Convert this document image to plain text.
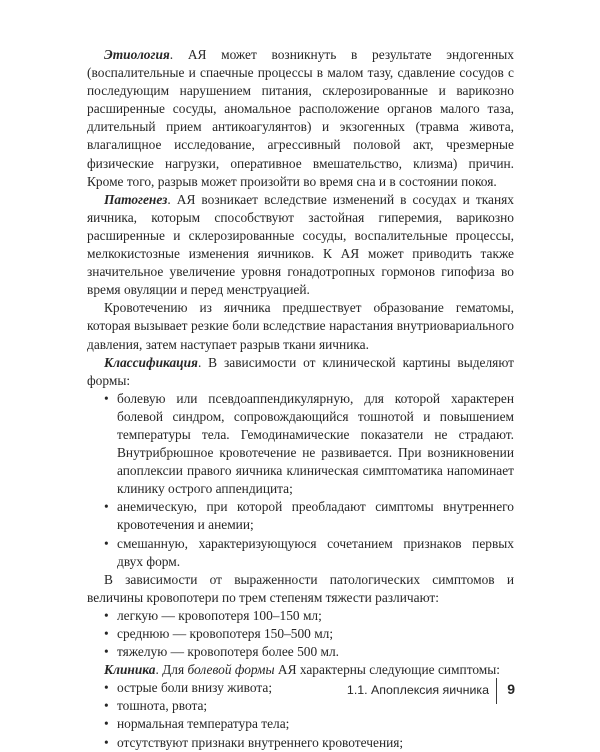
Этиология. АЯ может возникнуть в результате эндогенных (воспалительные и спаечные процессы в малом тазу, сдавление сосудов с последующим нарушением питания, склерозированные и варикозно расширенные сосуды, аномальное расположение органов малого таза, длительный прием антикоагулянтов) и экзогенных (травма живота, влагалищное исследование, агрессивный половой акт, чрезмерные физические нагрузки, оперативное вмешательство, клизма) причин. Кроме того, разрыв может произойти во время сна и в состоянии покоя.

Патогенез. АЯ возникает вследствие изменений в сосудах и тканях яичника, которым способствуют застойная гиперемия, варикозно расширенные и склерозированные сосуды, воспалительные процессы, мелкокистозные изменения яичников. К АЯ может приводить также значительное увеличение уровня гонадотропных гормонов гипофиза во время овуляции и перед менструацией.

Кровотечению из яичника предшествует образование гематомы, которая вызывает резкие боли вследствие нарастания внутриовариального давления, затем наступает разрыв ткани яичника.

Классификация. В зависимости от клинической картины выделяют формы:

• болевую или псевдоаппендикулярную, для которой характерен болевой синдром, сопровождающийся тошнотой и повышением температуры тела. Гемодинамические показатели не страдают. Внутрибрюшное кровотечение не развивается. При возникновении апоплексии правого яичника клиническая симптоматика напоминает клинику острого аппендицита;
• анемическую, при которой преобладают симптомы внутреннего кровотечения и анемии;
• смешанную, характеризующуюся сочетанием признаков первых двух форм.

В зависимости от выраженности патологических симптомов и величины кровопотери по трем степеням тяжести различают:

• легкую — кровопотеря 100–150 мл;
• среднюю — кровопотеря 150–500 мл;
• тяжелую — кровопотеря более 500 мл.

Клиника. Для болевой формы АЯ характерны следующие симптомы:

• острые боли внизу живота;
• тошнота, рвота;
• нормальная температура тела;
• отсутствуют признаки внутреннего кровотечения;
1.1. Апоплексия яичника 9
